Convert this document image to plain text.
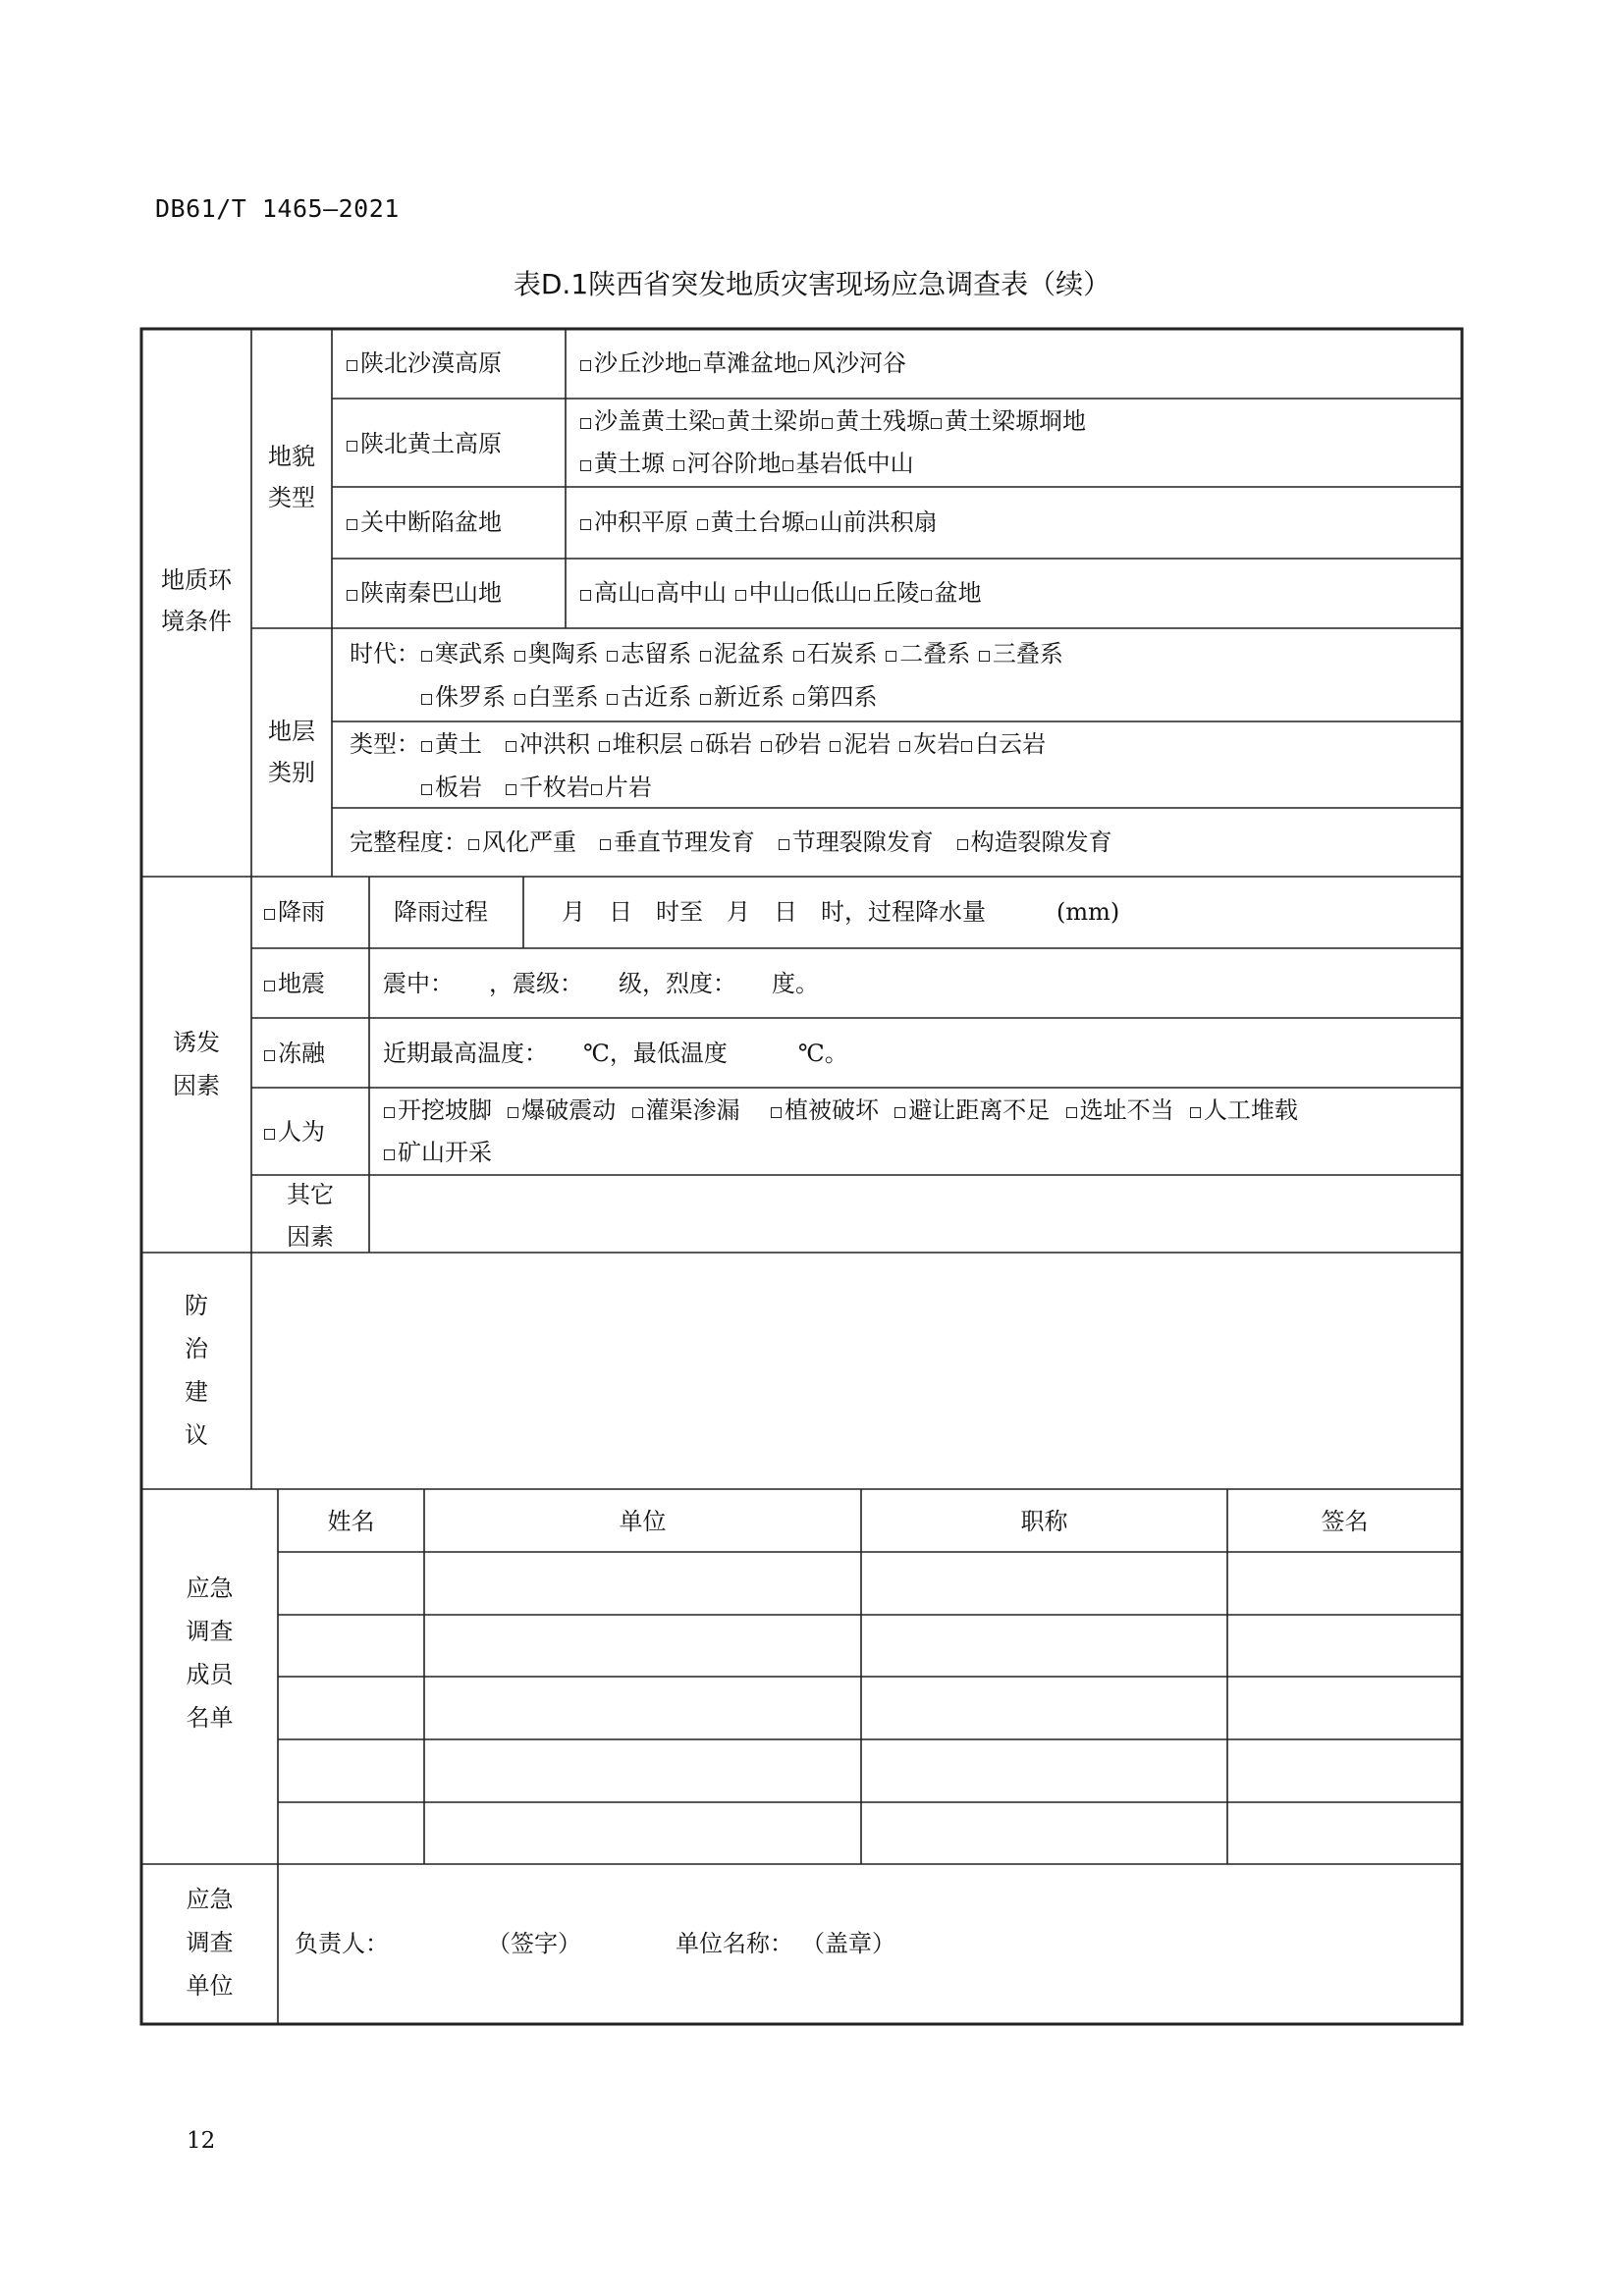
DB61/T 1465—2021
表D.1陕西省突发地质灾害现场应急调查表（续）
地质环境条件
地貌类型
陕北沙漠高原	沙丘沙地 草滩盆地 风沙河谷
陕北黄土高原
沙盖黄土梁 黄土梁峁 黄土残塬 黄土梁塬埛地
黄土塬 河谷阶地 基岩低中山
关中断陷盆地	冲积平原 黄土台塬 山前洪积扇
陕南秦巴山地	高山 高中山 中山 低山 丘陵 盆地
地层类别
时代： 寒武系 奥陶系 志留系 泥盆系 石炭系 二叠系 三叠系
侏罗系 白垩系 古近系 新近系 第四系
类型： 黄土 冲洪积 堆积层 砾岩 砂岩 泥岩 灰岩 白云岩
板岩 千枚岩 片岩
完整程度： 风化严重 垂直节理发育 节理裂隙发育 构造裂隙发育
诱发因素
降雨	降雨过程	月　日　时至　月　日　时，过程降水量　　　(mm)
地震 震中：　　，震级：　　级，烈度：　　度。
冻融 近期最高温度：　　℃，最低温度　　　℃。
人为
开挖坡脚 爆破震动 灌渠渗漏 植被破坏 避让距离不足 选址不当 人工堆载
矿山开采
其它因素
防治建议
应急调查成员名单
姓名	单位	职称	签名
应急调查单位
负责人：	（签字）	单位名称： （盖章）
12
